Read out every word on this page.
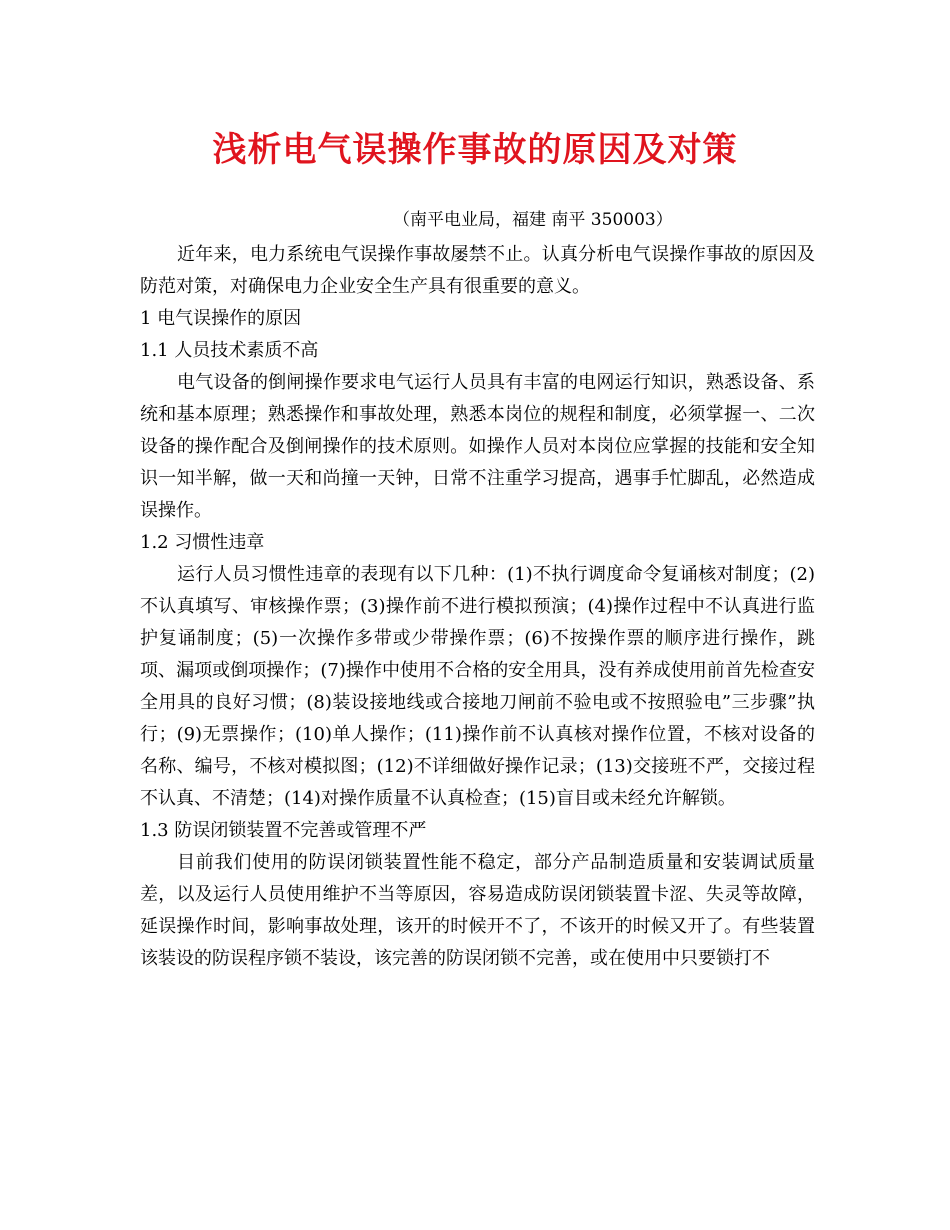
浅析电气误操作事故的原因及对策
（南平电业局，福建 南平 350003）

近年来，电力系统电气误操作事故屡禁不止。认真分析电气误操作事故的原因及防范对策，对确保电力企业安全生产具有很重要的意义。

1 电气误操作的原因

1.1 人员技术素质不高

电气设备的倒闸操作要求电气运行人员具有丰富的电网运行知识，熟悉设备、系统和基本原理；熟悉操作和事故处理，熟悉本岗位的规程和制度，必须掌握一、二次设备的操作配合及倒闸操作的技术原则。如操作人员对本岗位应掌握的技能和安全知识一知半解，做一天和尚撞一天钟，日常不注重学习提高，遇事手忙脚乱，必然造成误操作。

1.2 习惯性违章

运行人员习惯性违章的表现有以下几种：(1)不执行调度命令复诵核对制度；(2)不认真填写、审核操作票；(3)操作前不进行模拟预演；(4)操作过程中不认真进行监护复诵制度；(5)一次操作多带或少带操作票；(6)不按操作票的顺序进行操作，跳项、漏项或倒项操作；(7)操作中使用不合格的安全用具，没有养成使用前首先检查安全用具的良好习惯；(8)装设接地线或合接地刀闸前不验电或不按照验电”三步骤”执行；(9)无票操作；(10)单人操作；(11)操作前不认真核对操作位置，不核对设备的名称、编号，不核对模拟图；(12)不详细做好操作记录；(13)交接班不严，交接过程不认真、不清楚；(14)对操作质量不认真检查；(15)盲目或未经允许解锁。

1.3 防误闭锁装置不完善或管理不严

目前我们使用的防误闭锁装置性能不稳定，部分产品制造质量和安装调试质量差，以及运行人员使用维护不当等原因，容易造成防误闭锁装置卡涩、失灵等故障，延误操作时间，影响事故处理，该开的时候开不了，不该开的时候又开了。有些装置该装设的防误程序锁不装设，该完善的防误闭锁不完善，或在使用中只要锁打不
